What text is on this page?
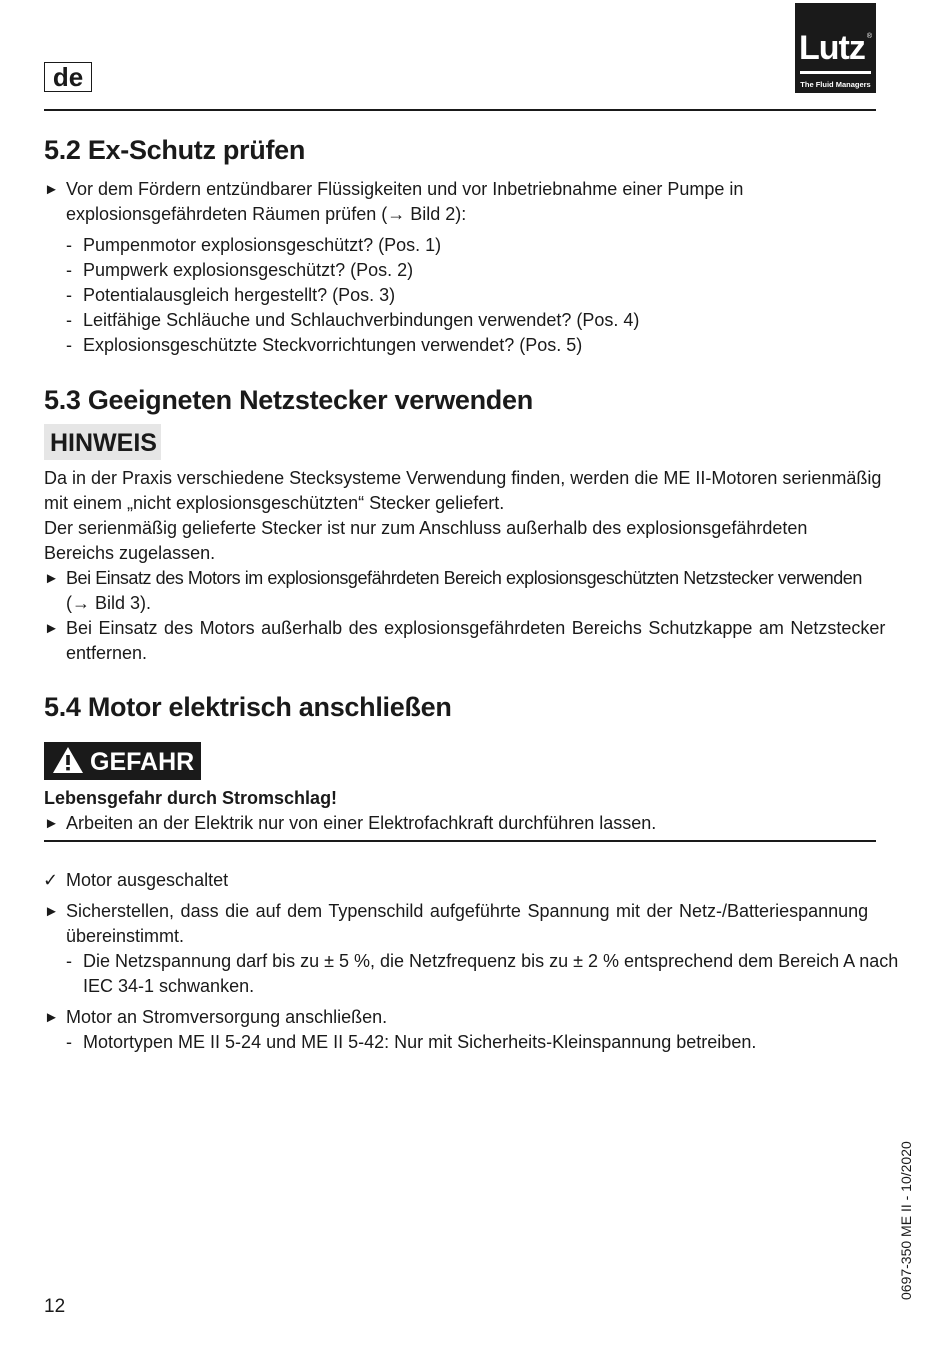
de
Lutz ®
The Fluid Managers
5.2 Ex-Schutz prüfen
► Vor dem Fördern entzündbarer Flüssigkeiten und vor Inbetriebnahme einer Pumpe in
explosionsgefährdeten Räumen prüfen (→ Bild 2):
- Pumpenmotor explosionsgeschützt? (Pos. 1)
- Pumpwerk explosionsgeschützt? (Pos. 2)
- Potentialausgleich hergestellt? (Pos. 3)
- Leitfähige Schläuche und Schlauchverbindungen verwendet? (Pos. 4)
- Explosionsgeschützte Steckvorrichtungen verwendet? (Pos. 5)
5.3 Geeigneten Netzstecker verwenden
HINWEIS
Da in der Praxis verschiedene Stecksysteme Verwendung finden, werden die ME II-Motoren serienmäßig
mit einem „nicht explosionsgeschützten“ Stecker geliefert.
Der serienmäßig gelieferte Stecker ist nur zum Anschluss außerhalb des explosionsgefährdeten
Bereichs zugelassen.
► Bei Einsatz des Motors im explosionsgefährdeten Bereich explosionsgeschützten Netzstecker verwenden
(→ Bild 3).
► Bei Einsatz des Motors außerhalb des explosionsgefährdeten Bereichs Schutzkappe am Netzstecker
entfernen.
5.4 Motor elektrisch anschließen
GEFAHR
Lebensgefahr durch Stromschlag!
► Arbeiten an der Elektrik nur von einer Elektrofachkraft durchführen lassen.
✓ Motor ausgeschaltet
► Sicherstellen, dass die auf dem Typenschild aufgeführte Spannung mit der Netz-/Batteriespannung
übereinstimmt.
- Die Netzspannung darf bis zu ± 5 %, die Netzfrequenz bis zu ± 2 % entsprechend dem Bereich A nach
IEC 34-1 schwanken.
► Motor an Stromversorgung anschließen.
- Motortypen ME II 5-24 und ME II 5-42: Nur mit Sicherheits-Kleinspannung betreiben.
12
0697-350 ME II - 10/2020
